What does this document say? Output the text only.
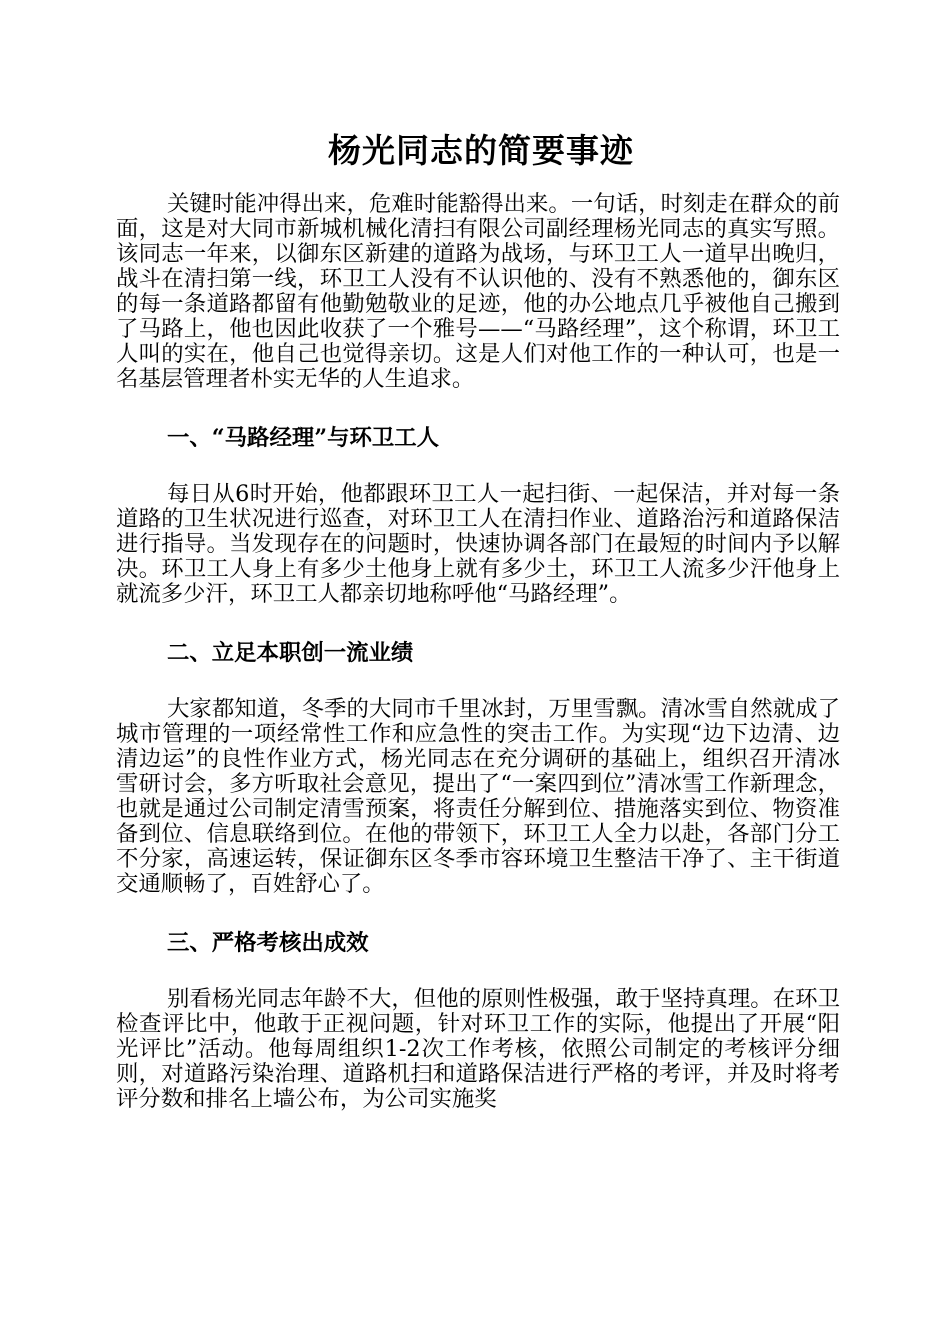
杨光同志的简要事迹

关键时能冲得出来，危难时能豁得出来。一句话，时刻走在群众的前面，这是对大同市新城机械化清扫有限公司副经理杨光同志的真实写照。该同志一年来，以御东区新建的道路为战场，与环卫工人一道早出晚归，战斗在清扫第一线，环卫工人没有不认识他的、没有不熟悉他的，御东区的每一条道路都留有他勤勉敬业的足迹，他的办公地点几乎被他自己搬到了马路上，他也因此收获了一个雅号——“马路经理”，这个称谓，环卫工人叫的实在，他自己也觉得亲切。这是人们对他工作的一种认可，也是一名基层管理者朴实无华的人生追求。

一、“马路经理”与环卫工人

每日从6时开始，他都跟环卫工人一起扫街、一起保洁，并对每一条道路的卫生状况进行巡查，对环卫工人在清扫作业、道路治污和道路保洁进行指导。当发现存在的问题时，快速协调各部门在最短的时间内予以解决。环卫工人身上有多少土他身上就有多少土，环卫工人流多少汗他身上就流多少汗，环卫工人都亲切地称呼他“马路经理”。

二、立足本职创一流业绩

大家都知道，冬季的大同市千里冰封，万里雪飘。清冰雪自然就成了城市管理的一项经常性工作和应急性的突击工作。为实现“边下边清、边清边运”的良性作业方式，杨光同志在充分调研的基础上，组织召开清冰雪研讨会，多方听取社会意见，提出了“一案四到位”清冰雪工作新理念，也就是通过公司制定清雪预案，将责任分解到位、措施落实到位、物资准备到位、信息联络到位。在他的带领下，环卫工人全力以赴，各部门分工不分家，高速运转，保证御东区冬季市容环境卫生整洁干净了、主干街道交通顺畅了，百姓舒心了。

三、严格考核出成效

别看杨光同志年龄不大，但他的原则性极强，敢于坚持真理。在环卫检查评比中，他敢于正视问题，针对环卫工作的实际，他提出了开展“阳光评比”活动。他每周组织1-2次工作考核，依照公司制定的考核评分细则，对道路污染治理、道路机扫和道路保洁进行严格的考评，并及时将考评分数和排名上墙公布，为公司实施奖
